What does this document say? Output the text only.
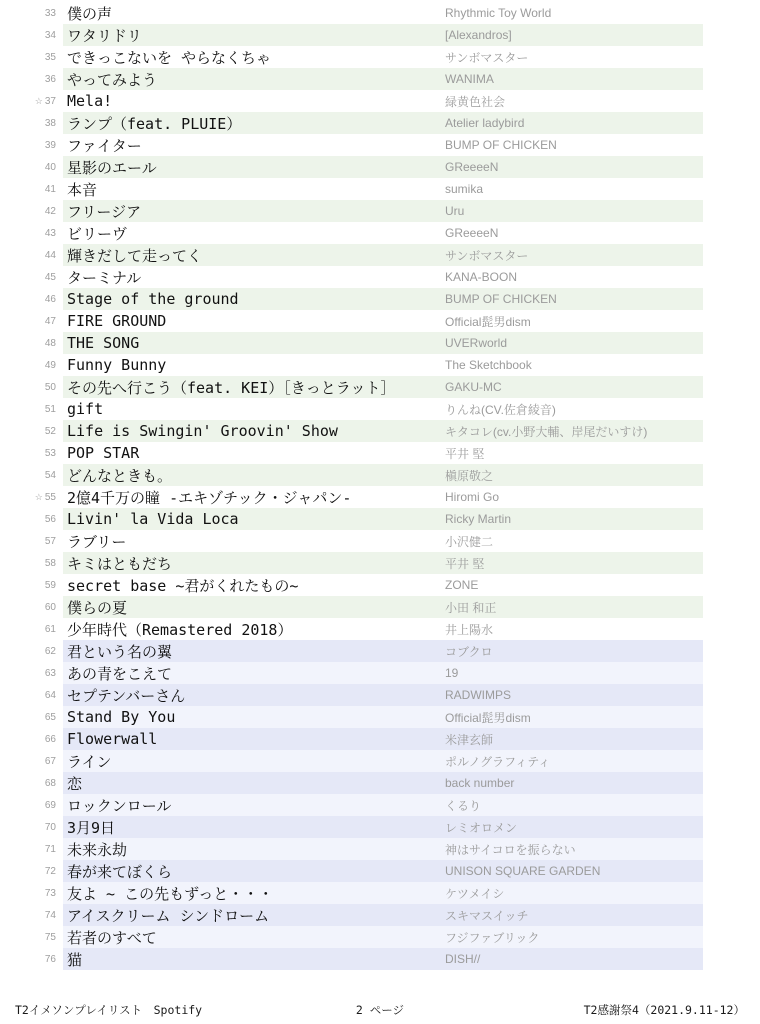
33 僕の声	Rhythmic Toy World
34 ワタリドリ	[Alexandros]
35 できっこないを やらなくちゃ	サンボマスター
36 やってみよう	WANIMA
☆ 37 Mela!	緑黄色社会
38 ランプ（feat. PLUIE）	Atelier ladybird
39 ファイター	BUMP OF CHICKEN
40 星影のエール	GReeeeN
41 本音	sumika
42 フリージア	Uru
43 ビリーヴ	GReeeeN
44 輝きだして走ってく	サンボマスター
45 ターミナル	KANA-BOON
46 Stage of the ground	BUMP OF CHICKEN
47 FIRE GROUND	Official髭男dism
48 THE SONG	UVERworld
49 Funny Bunny	The Sketchbook
50 その先へ行こう（feat. KEI）［きっとラット］	GAKU-MC
51 gift	りんね(CV.佐倉綾音)
52 Life is Swingin' Groovin' Show	キタコレ(cv.小野大輔、岸尾だいすけ)
53 POP STAR	平井 堅
54 どんなときも。	槇原敬之
☆ 55 2億4千万の瞳 -エキゾチック・ジャパン-	Hiromi Go
56 Livin' la Vida Loca	Ricky Martin
57 ラブリー	小沢健二
58 キミはともだち	平井 堅
59 secret base ~君がくれたもの~	ZONE
60 僕らの夏	小田 和正
61 少年時代（Remastered 2018）	井上陽水
62 君という名の翼	コブクロ
63 あの青をこえて	19
64 セプテンバーさん	RADWIMPS
65 Stand By You	Official髭男dism
66 Flowerwall	米津玄師
67 ライン	ポルノグラフィティ
68 恋	back number
69 ロックンロール	くるり
70 3月9日	レミオロメン
71 未来永劫	神はサイコロを振らない
72 春が来てぼくら	UNISON SQUARE GARDEN
73 友よ ~ この先もずっと・・・	ケツメイシ
74 アイスクリーム シンドローム	スキマスイッチ
75 若者のすべて	フジファブリック
76 猫	DISH//
T2イメソンプレイリスト　Spotify	2 ページ	T2感謝祭4（2021.9.11-12）
